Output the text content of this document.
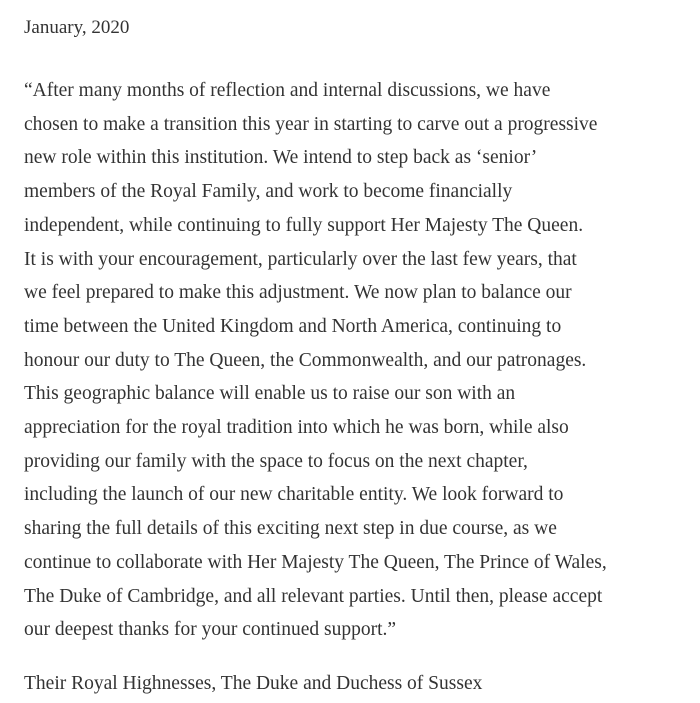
January, 2020
“After many months of reflection and internal discussions, we have
chosen to make a transition this year in starting to carve out a progressive
new role within this institution. We intend to step back as ‘senior’
members of the Royal Family, and work to become financially
independent, while continuing to fully support Her Majesty The Queen.
It is with your encouragement, particularly over the last few years, that
we feel prepared to make this adjustment. We now plan to balance our
time between the United Kingdom and North America, continuing to
honour our duty to The Queen, the Commonwealth, and our patronages.
This geographic balance will enable us to raise our son with an
appreciation for the royal tradition into which he was born, while also
providing our family with the space to focus on the next chapter,
including the launch of our new charitable entity. We look forward to
sharing the full details of this exciting next step in due course, as we
continue to collaborate with Her Majesty The Queen, The Prince of Wales,
The Duke of Cambridge, and all relevant parties. Until then, please accept
our deepest thanks for your continued support.”
Their Royal Highnesses, The Duke and Duchess of Sussex
